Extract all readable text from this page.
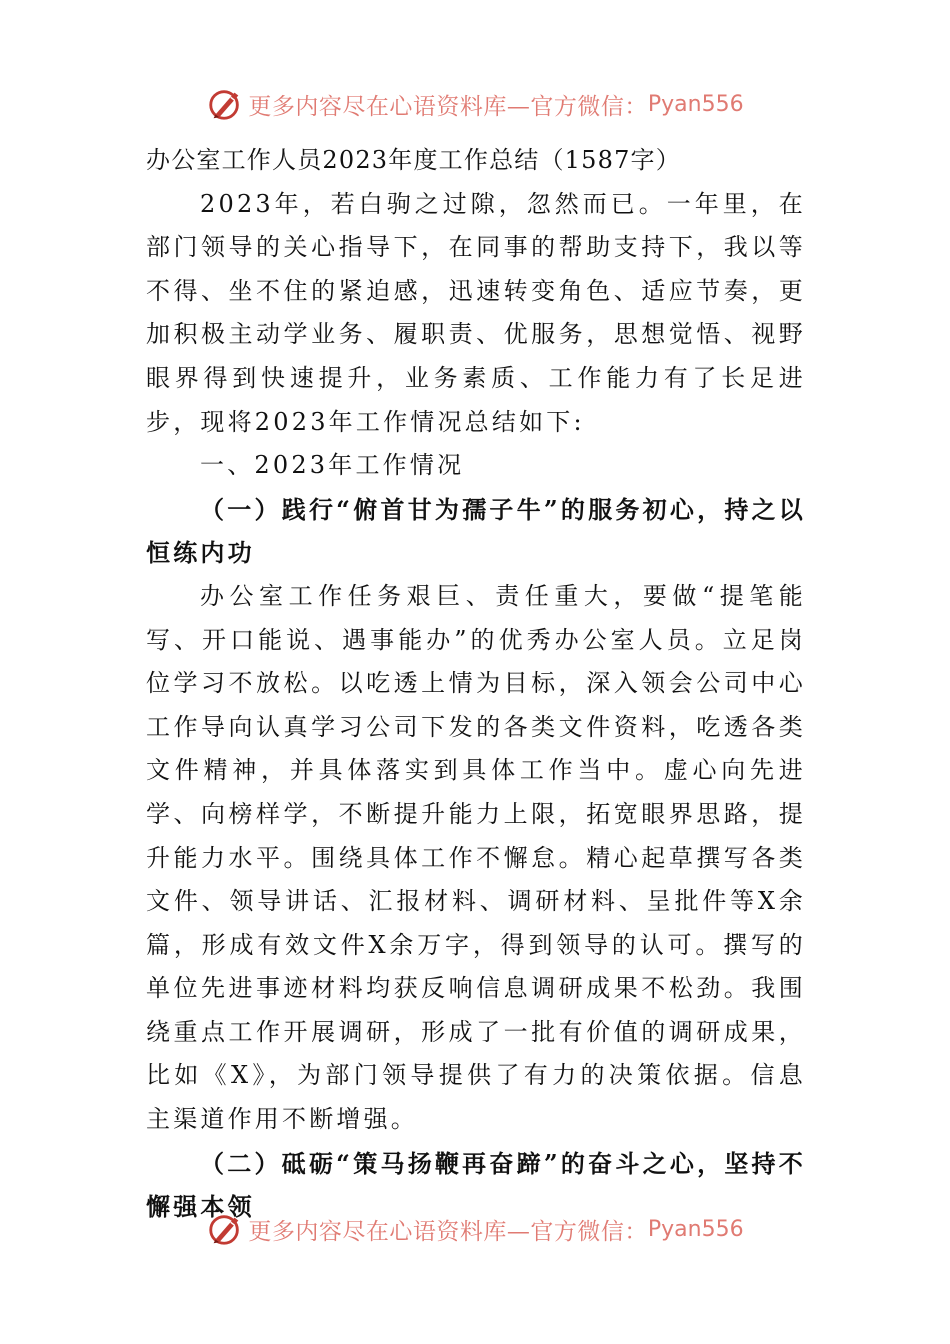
更多内容尽在心语资料库—官方微信： Pyan556

办公室工作人员2023年度工作总结（1587字）

2023年，若白驹之过隙，忽然而已。一年里，在部门领导的关心指导下，在同事的帮助支持下，我以等不得、坐不住的紧迫感，迅速转变角色、适应节奏，更加积极主动学业务、履职责、优服务，思想觉悟、视野眼界得到快速提升，业务素质、工作能力有了长足进步，现将2023年工作情况总结如下:

一、2023年工作情况

（一）践行“俯首甘为孺子牛”的服务初心，持之以恒练内功

办公室工作任务艰巨、责任重大，要做“提笔能写、开口能说、遇事能办”的优秀办公室人员。立足岗位学习不放松。以吃透上情为目标，深入领会公司中心工作导向认真学习公司下发的各类文件资料，吃透各类文件精神，并具体落实到具体工作当中。虚心向先进学、向榜样学，不断提升能力上限，拓宽眼界思路，提升能力水平。围绕具体工作不懈怠。精心起草撰写各类文件、领导讲话、汇报材料、调研材料、呈批件等X余篇，形成有效文件X余万字，得到领导的认可。撰写的单位先进事迹材料均获反响信息调研成果不松劲。我围绕重点工作开展调研，形成了一批有价值的调研成果，比如《X》，为部门领导提供了有力的决策依据。信息主渠道作用不断增强。

（二）砥砺“策马扬鞭再奋蹄”的奋斗之心，坚持不懈强本领

更多内容尽在心语资料库—官方微信： Pyan556
